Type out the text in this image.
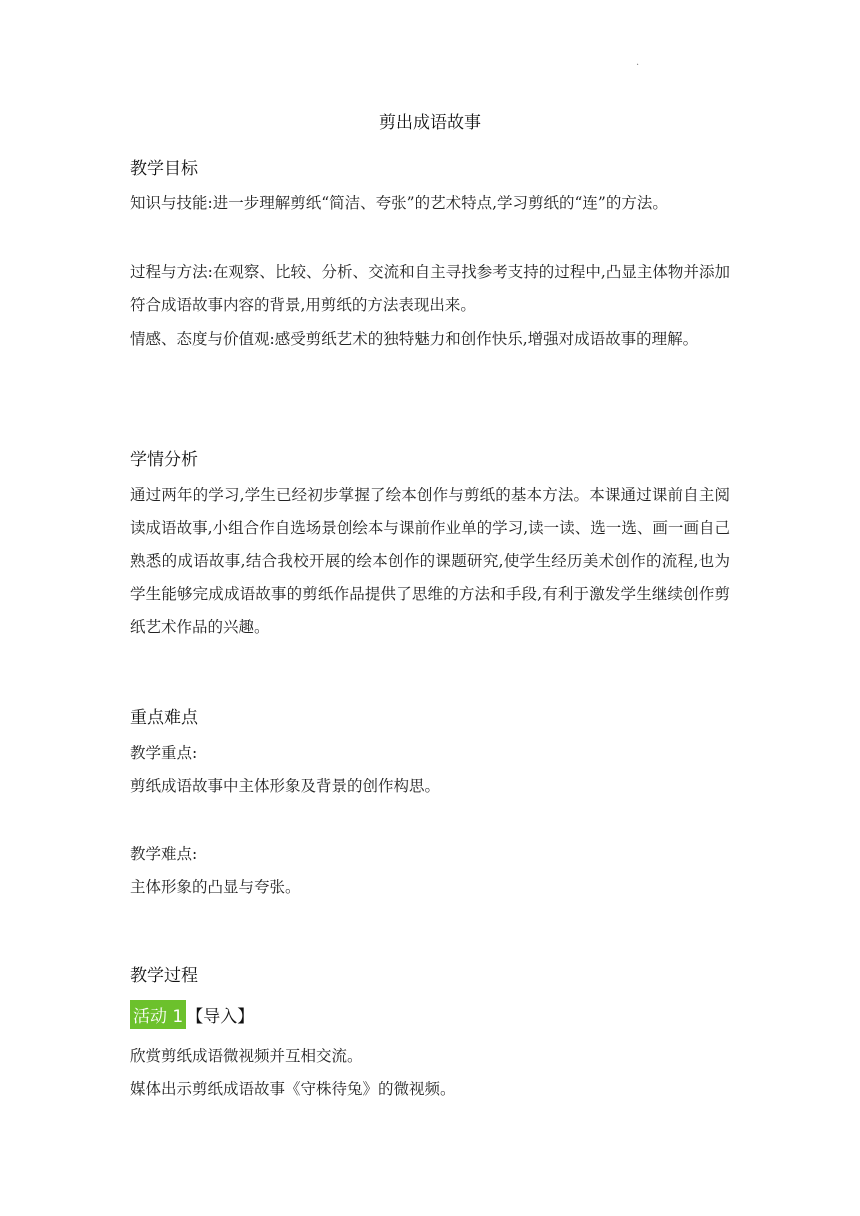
·
剪出成语故事
教学目标

知识与技能:进一步理解剪纸“简洁、夸张”的艺术特点,学习剪纸的“连”的方法。

过程与方法:在观察、比较、分析、交流和自主寻找参考支持的过程中,凸显主体物并添加符合成语故事内容的背景,用剪纸的方法表现出来。

情感、态度与价值观:感受剪纸艺术的独特魅力和创作快乐,增强对成语故事的理解。

学情分析

通过两年的学习,学生已经初步掌握了绘本创作与剪纸的基本方法。本课通过课前自主阅读成语故事,小组合作自选场景创绘本与课前作业单的学习,读一读、选一选、画一画自己熟悉的成语故事,结合我校开展的绘本创作的课题研究,使学生经历美术创作的流程,也为学生能够完成成语故事的剪纸作品提供了思维的方法和手段,有利于激发学生继续创作剪纸艺术作品的兴趣。

重点难点

教学重点:

剪纸成语故事中主体形象及背景的创作构思。

教学难点:

主体形象的凸显与夸张。

教学过程
活动 1 【导入】

欣赏剪纸成语微视频并互相交流。

媒体出示剪纸成语故事《守株待兔》的微视频。
